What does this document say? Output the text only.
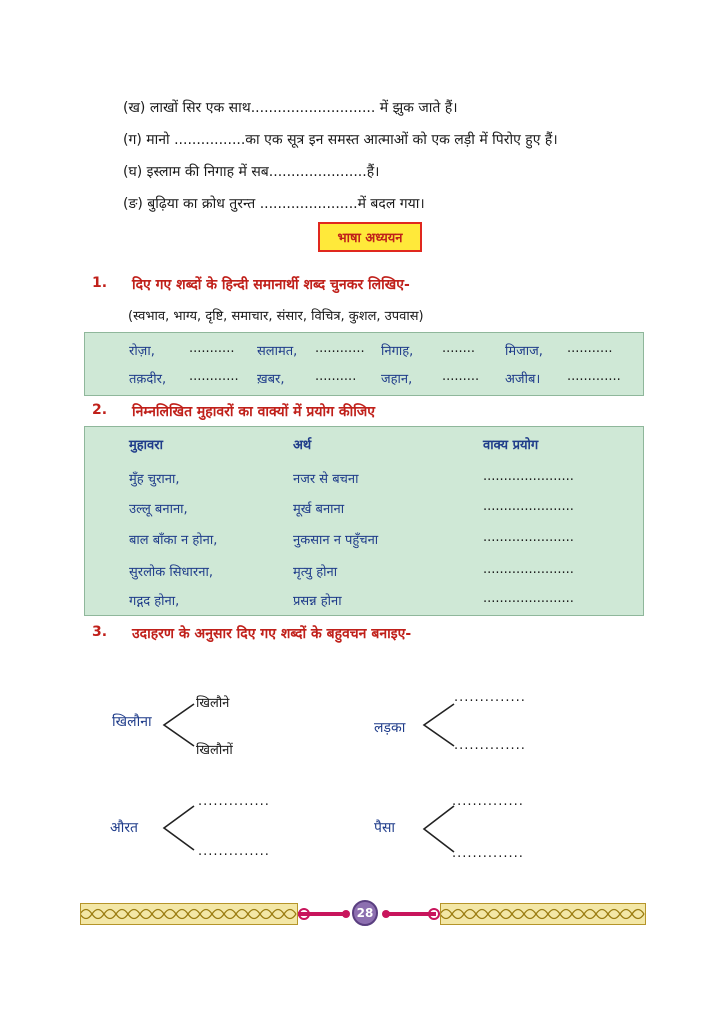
(ख) लाखों सिर एक साथ............................ में झुक जाते हैं।
(ग) मानो ................का एक सूत्र इन समस्त आत्माओं को एक लड़ी में पिरोए हुए हैं।
(घ) इस्लाम की निगाह में सब......................हैं।
(ङ) बुढ़िया का क्रोध तुरन्त ......................में बदल गया।
भाषा अध्ययन
1. दिए गए शब्दों के हिन्दी समानार्थी शब्द चुनकर लिखिए-
(स्वभाव, भाग्य, दृष्टि, समाचार, संसार, विचित्र, कुशल, उपवास)
रोज़ा,	........... सलामत, ............ निगाह, ........ मिजाज, ...........
तक़दीर, ............ ख़बर, .......... जहान, ......... अजीब। .............
2. निम्नलिखित मुहावरों का वाक्यों में प्रयोग कीजिए
मुहावरा	अर्थ	वाक्य प्रयोग
मुँह चुराना,	नजर से बचना	......................
उल्लू बनाना,	मूर्ख बनाना	......................
बाल बाँका न होना,	नुकसान न पहुँचना	......................
सुरलोक सिधारना,	मृत्यु होना	......................
गद्गद होना,	प्रसन्न होना	......................
3. उदाहरण के अनुसार दिए गए शब्दों के बहुवचन बनाइए-
खिलौना
खिलौने
खिलौनों
लड़का
..............
..............
औरत
..............
..............
पैसा
..............
..............
28
